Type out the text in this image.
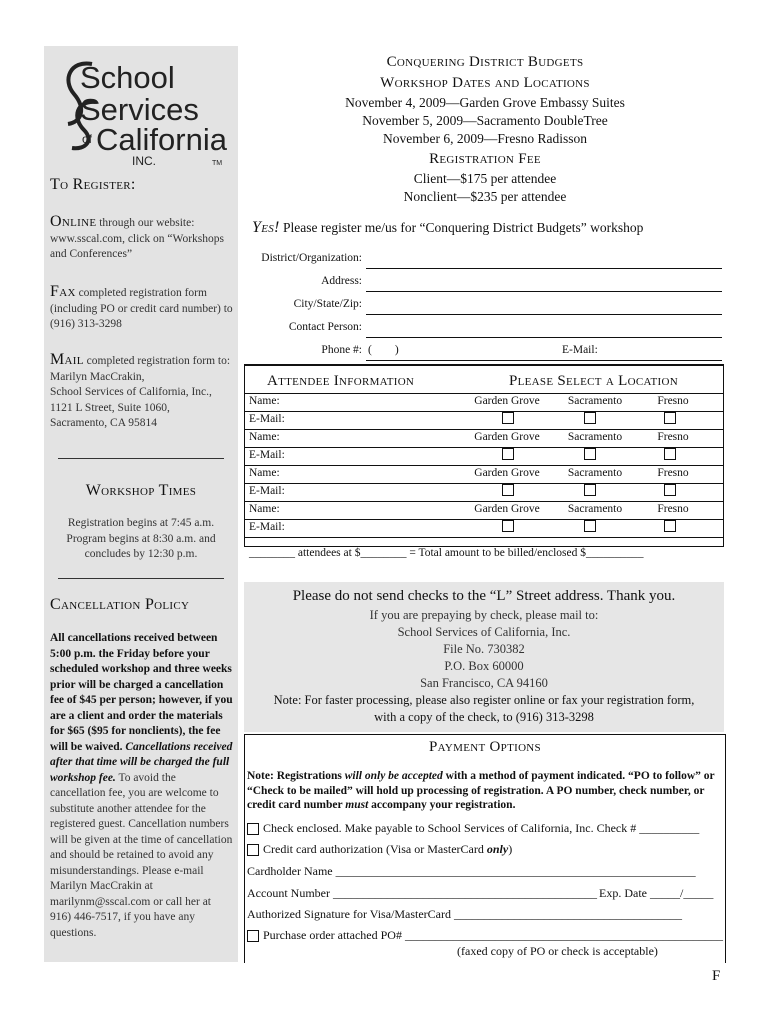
School
Services
of California
INC.	TM
To Register:
Online through our website: www.sscal.com, click on “Workshops and Conferences”
Fax completed registration form (including PO or credit card number) to (916) 313-3298
Mail completed registration form to:
Marilyn MacCrakin,
School Services of California, Inc.,
1121 L Street, Suite 1060,
Sacramento, CA 95814
Workshop Times
Registration begins at 7:45 a.m.
Program begins at 8:30 a.m. and
concludes by 12:30 p.m.
Cancellation Policy
All cancellations received between 5:00 p.m. the Friday before your scheduled workshop and three weeks prior will be charged a cancellation fee of $45 per person; however, if you are a client and order the materials for $65 ($95 for nonclients), the fee will be waived. Cancellations received after that time will be charged the full workshop fee. To avoid the cancellation fee, you are welcome to substitute another attendee for the registered guest. Cancellation numbers will be given at the time of cancellation and should be retained to avoid any misunderstandings. Please e-mail Marilyn MacCrakin at marilynm@sscal.com or call her at 916) 446-7517, if you have any questions.
Conquering District Budgets
Workshop Dates and Locations
November 4, 2009—Garden Grove Embassy Suites
November 5, 2009—Sacramento DoubleTree
November 6, 2009—Fresno Radisson
Registration Fee
Client—$175 per attendee
Nonclient—$235 per attendee
Yes! Please register me/us for “Conquering District Budgets” workshop
District/Organization:
Address:
City/State/Zip:
Contact Person:
Phone #: (        )	E-Mail:
Attendee Information	Please Select a Location
Name:	Garden Grove	Sacramento	Fresno
E-Mail:
Name:	Garden Grove	Sacramento	Fresno
E-Mail:
Name:	Garden Grove	Sacramento	Fresno
E-Mail:
Name:	Garden Grove	Sacramento	Fresno
E-Mail:
________ attendees at $________ = Total amount to be billed/enclosed $__________
Please do not send checks to the “L” Street address. Thank you.
If you are prepaying by check, please mail to:
School Services of California, Inc.
File No. 730382
P.O. Box 60000
San Francisco, CA 94160
Note: For faster processing, please also register online or fax your registration form,
with a copy of the check, to (916) 313-3298
Payment Options
Note: Registrations will only be accepted with a method of payment indicated. “PO to follow” or “Check to be mailed” will hold up processing of registration. A PO number, check number, or credit card number must accompany your registration.
Check enclosed. Make payable to School Services of California, Inc. Check # __________
Credit card authorization (Visa or MasterCard only)
Cardholder Name ____________________________________________________________
Account Number ____________________________________________ Exp. Date _____/_____
Authorized Signature for Visa/MasterCard ______________________________________
Purchase order attached PO# _____________________________________________________
(faxed copy of PO or check is acceptable)
F
